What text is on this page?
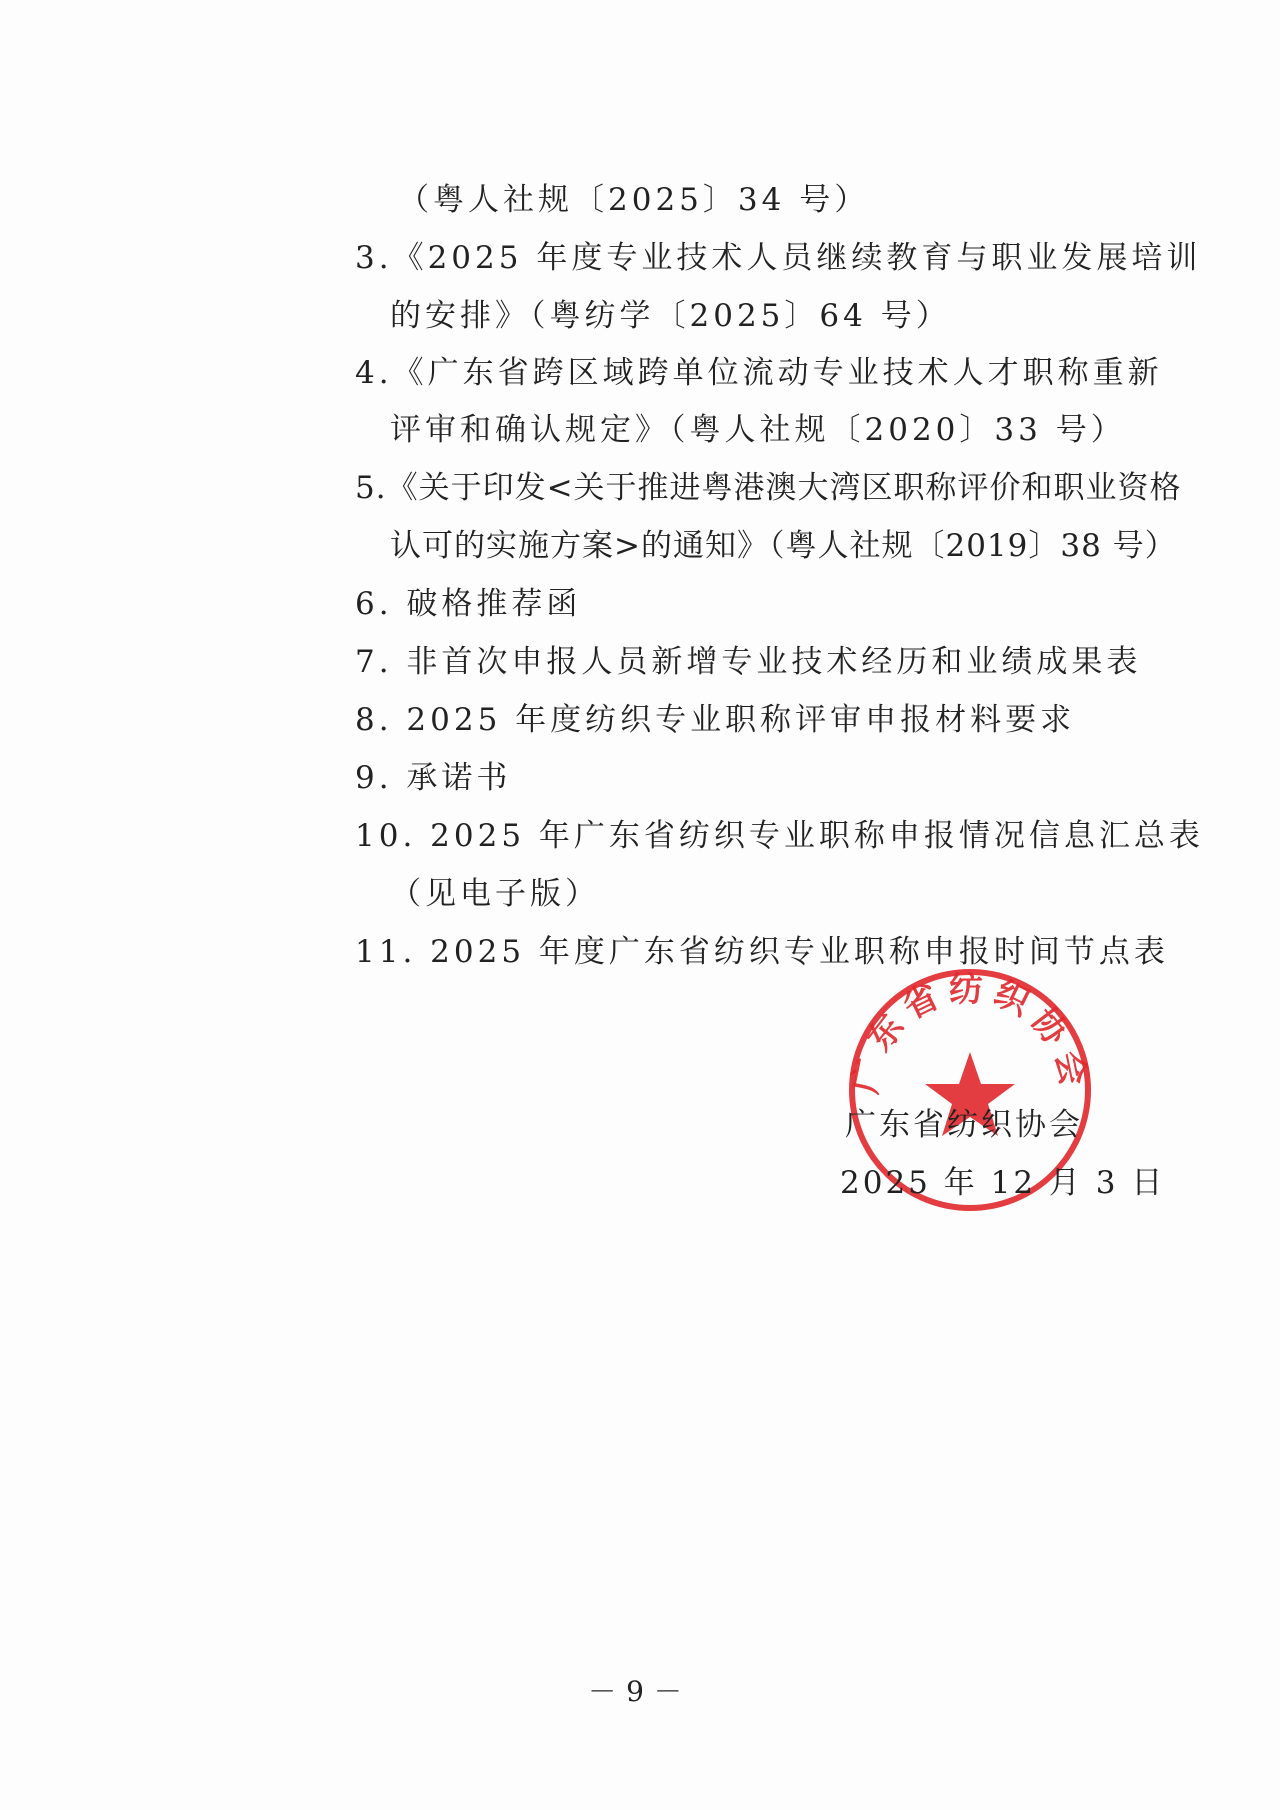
（粤人社规〔2025〕34 号）
3.《2025 年度专业技术人员继续教育与职业发展培训
的安排》（粤纺学〔2025〕64 号）
4.《广东省跨区域跨单位流动专业技术人才职称重新
评审和确认规定》（粤人社规〔2020〕33 号）
5.《关于印发<关于推进粤港澳大湾区职称评价和职业资格
认可的实施方案>的通知》（粤人社规〔2019〕38 号）
6. 破格推荐函
7. 非首次申报人员新增专业技术经历和业绩成果表
8. 2025 年度纺织专业职称评审申报材料要求
9. 承诺书
10. 2025 年广东省纺织专业职称申报情况信息汇总表
（见电子版）
11. 2025 年度广东省纺织专业职称申报时间节点表
广东省纺织协会
广东省纺织协会
2025 年 12 月 3 日
－9－
